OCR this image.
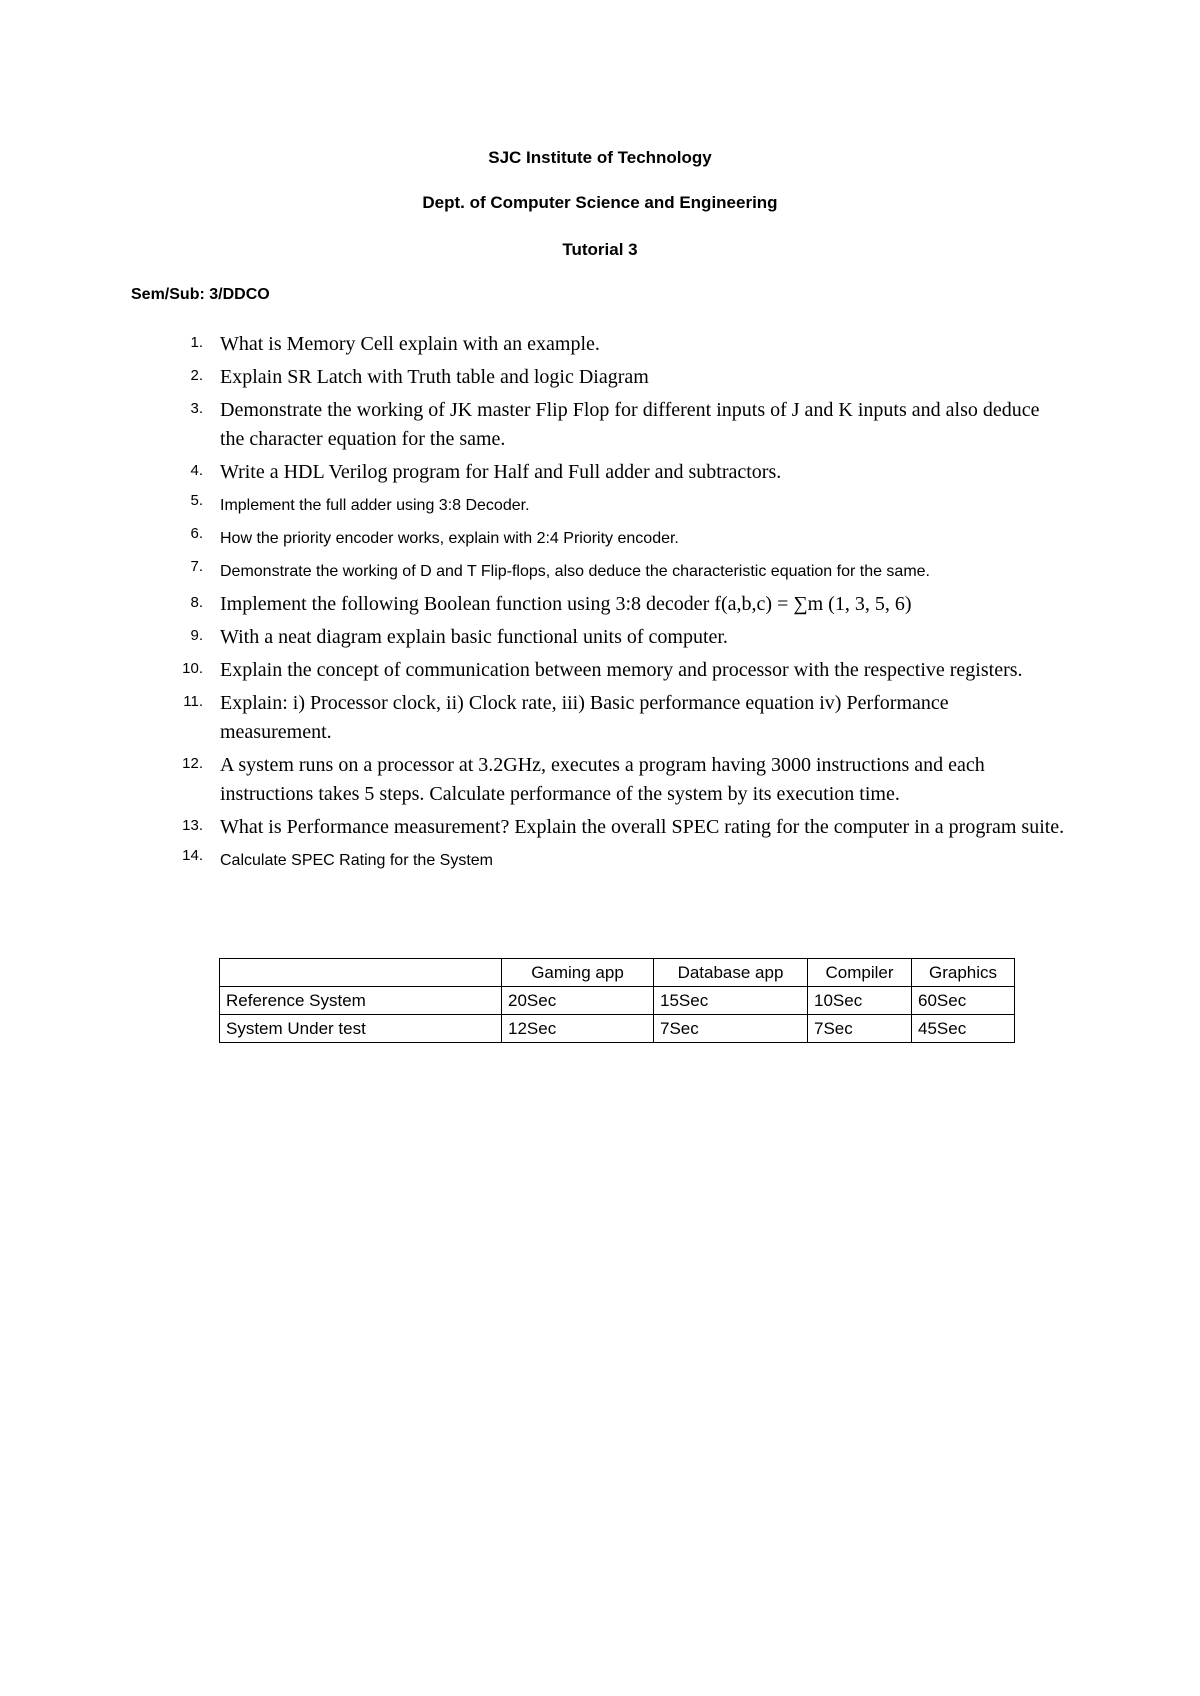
SJC Institute of Technology
Dept. of Computer Science and Engineering
Tutorial 3
Sem/Sub: 3/DDCO
1. What is Memory Cell explain with an example.
2. Explain SR Latch with Truth table and logic Diagram
3. Demonstrate the working of JK master Flip Flop for different inputs of J and K inputs and also deduce the character equation for the same.
4. Write a HDL Verilog program for Half and Full adder and subtractors.
5. Implement the full adder using 3:8 Decoder.
6. How the priority encoder works, explain with 2:4 Priority encoder.
7. Demonstrate the working of D and T Flip-flops, also deduce the characteristic equation for the same.
8. Implement the following Boolean function using 3:8 decoder f(a,b,c) = ∑m (1, 3, 5, 6)
9. With a neat diagram explain basic functional units of computer.
10. Explain the concept of communication between memory and processor with the respective registers.
11. Explain: i) Processor clock, ii) Clock rate, iii) Basic performance equation iv) Performance measurement.
12. A system runs on a processor at 3.2GHz, executes a program having 3000 instructions and each instructions takes 5 steps. Calculate performance of the system by its execution time.
13. What is Performance measurement? Explain the overall SPEC rating for the computer in a program suite.
14. Calculate SPEC Rating for the System
	Gaming app	Database app	Compiler	Graphics
Reference System	20Sec	15Sec	10Sec	60Sec
System Under test	12Sec	7Sec	7Sec	45Sec
